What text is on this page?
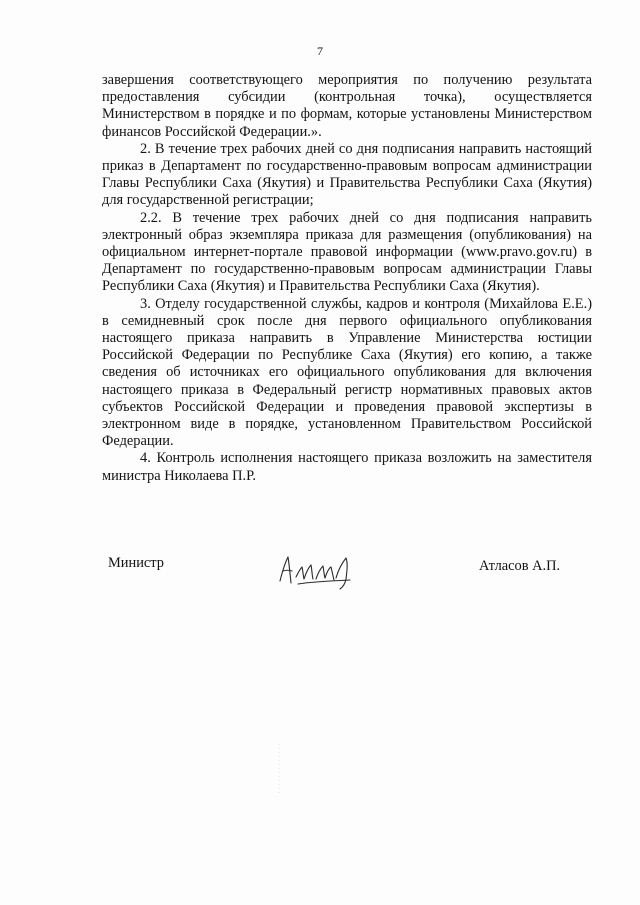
7

завершения соответствующего мероприятия по получению результата предоставления субсидии (контрольная точка), осуществляется Министерством в порядке и по формам, которые установлены Министерством финансов Российской Федерации.».

2. В течение трех рабочих дней со дня подписания направить настоящий приказ в Департамент по государственно-правовым вопросам администрации Главы Республики Саха (Якутия) и Правительства Республики Саха (Якутия) для государственной регистрации;

2.2. В течение трех рабочих дней со дня подписания направить электронный образ экземпляра приказа для размещения (опубликования) на официальном интернет-портале правовой информации (www.pravo.gov.ru) в Департамент по государственно-правовым вопросам администрации Главы Республики Саха (Якутия) и Правительства Республики Саха (Якутия).

3. Отделу государственной службы, кадров и контроля (Михайлова Е.Е.) в семидневный срок после дня первого официального опубликования настоящего приказа направить в Управление Министерства юстиции Российской Федерации по Республике Саха (Якутия) его копию, а также сведения об источниках его официального опубликования для включения настоящего приказа в Федеральный регистр нормативных правовых актов субъектов Российской Федерации и проведения правовой экспертизы в электронном виде в порядке, установленном Правительством Российской Федерации.

4. Контроль исполнения настоящего приказа возложить на заместителя министра Николаева П.Р.

Министр	Атласов А.П.
